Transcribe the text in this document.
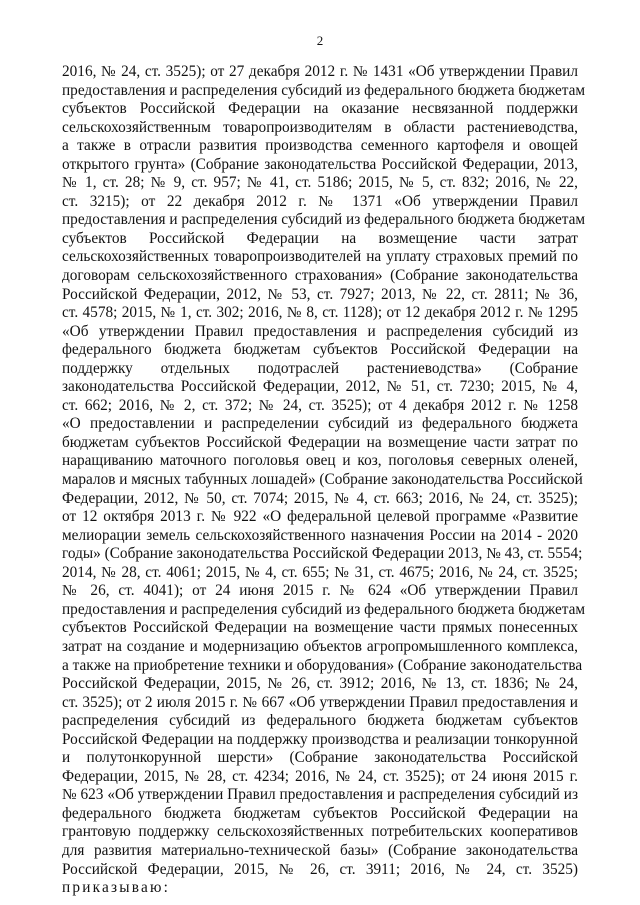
2
2016, № 24, ст. 3525); от 27 декабря 2012 г. № 1431 «Об утверждении Правил
предоставления и распределения субсидий из федерального бюджета бюджетам
субъектов Российской Федерации на оказание несвязанной поддержки
сельскохозяйственным товаропроизводителям в области растениеводства,
а также в отрасли развития производства семенного картофеля и овощей
открытого грунта» (Собрание законодательства Российской Федерации, 2013,
№ 1, ст. 28; № 9, ст. 957; № 41, ст. 5186; 2015, № 5, ст. 832; 2016, № 22,
ст. 3215); от 22 декабря 2012 г. № 1371 «Об утверждении Правил
предоставления и распределения субсидий из федерального бюджета бюджетам
субъектов Российской Федерации на возмещение части затрат
сельскохозяйственных товаропроизводителей на уплату страховых премий по
договорам сельскохозяйственного страхования» (Собрание законодательства
Российской Федерации, 2012, № 53, ст. 7927; 2013, № 22, ст. 2811; № 36,
ст. 4578; 2015, № 1, ст. 302; 2016, № 8, ст. 1128); от 12 декабря 2012 г. № 1295
«Об утверждении Правил предоставления и распределения субсидий из
федерального бюджета бюджетам субъектов Российской Федерации на
поддержку отдельных подотраслей растениеводства» (Собрание
законодательства Российской Федерации, 2012, № 51, ст. 7230; 2015, № 4,
ст. 662; 2016, № 2, ст. 372; № 24, ст. 3525); от 4 декабря 2012 г. № 1258
«О предоставлении и распределении субсидий из федерального бюджета
бюджетам субъектов Российской Федерации на возмещение части затрат по
наращиванию маточного поголовья овец и коз, поголовья северных оленей,
маралов и мясных табунных лошадей» (Собрание законодательства Российской
Федерации, 2012, № 50, ст. 7074; 2015, № 4, ст. 663; 2016, № 24, ст. 3525);
от 12 октября 2013 г. № 922 «О федеральной целевой программе «Развитие
мелиорации земель сельскохозяйственного назначения России на 2014 - 2020
годы» (Собрание законодательства Российской Федерации 2013, № 43, ст. 5554;
2014, № 28, ст. 4061; 2015, № 4, ст. 655; № 31, ст. 4675; 2016, № 24, ст. 3525;
№ 26, ст. 4041); от 24 июня 2015 г. № 624 «Об утверждении Правил
предоставления и распределения субсидий из федерального бюджета бюджетам
субъектов Российской Федерации на возмещение части прямых понесенных
затрат на создание и модернизацию объектов агропромышленного комплекса,
а также на приобретение техники и оборудования» (Собрание законодательства
Российской Федерации, 2015, № 26, ст. 3912; 2016, № 13, ст. 1836; № 24,
ст. 3525); от 2 июля 2015 г. № 667 «Об утверждении Правил предоставления и
распределения субсидий из федерального бюджета бюджетам субъектов
Российской Федерации на поддержку производства и реализации тонкорунной
и полутонкорунной шерсти» (Собрание законодательства Российской
Федерации, 2015, № 28, ст. 4234; 2016, № 24, ст. 3525); от 24 июня 2015 г.
№ 623 «Об утверждении Правил предоставления и распределения субсидий из
федерального бюджета бюджетам субъектов Российской Федерации на
грантовую поддержку сельскохозяйственных потребительских кооперативов
для развития материально-технической базы» (Собрание законодательства
Российской Федерации, 2015, № 26, ст. 3911; 2016, № 24, ст. 3525)
приказываю:
